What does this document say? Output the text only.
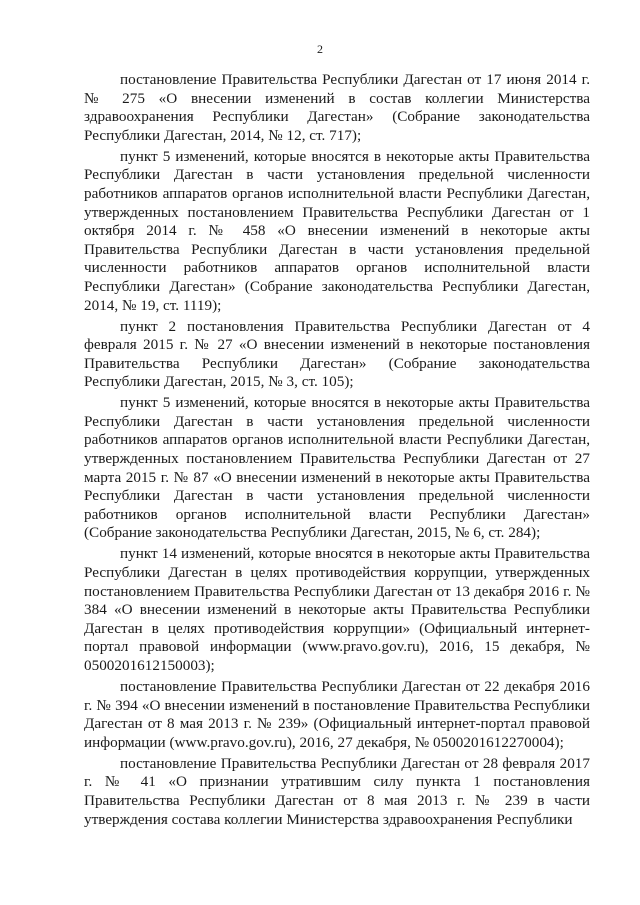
2

постановление Правительства Республики Дагестан от 17 июня 2014 г. № 275 «О внесении изменений в состав коллегии Министерства здравоохранения Республики Дагестан» (Собрание законодательства Республики Дагестан, 2014, № 12, ст. 717);

пункт 5 изменений, которые вносятся в некоторые акты Правительства Республики Дагестан в части установления предельной численности работников аппаратов органов исполнительной власти Республики Дагестан, утвержденных постановлением Правительства Республики Дагестан от 1 октября 2014 г. № 458 «О внесении изменений в некоторые акты Правительства Республики Дагестан в части установления предельной численности работников аппаратов органов исполнительной власти Республики Дагестан» (Собрание законодательства Республики Дагестан, 2014, № 19, ст. 1119);

пункт 2 постановления Правительства Республики Дагестан от 4 февраля 2015 г. № 27 «О внесении изменений в некоторые постановления Правительства Республики Дагестан» (Собрание законодательства Республики Дагестан, 2015, № 3, ст. 105);

пункт 5 изменений, которые вносятся в некоторые акты Правительства Республики Дагестан в части установления предельной численности работников аппаратов органов исполнительной власти Республики Дагестан, утвержденных постановлением Правительства Республики Дагестан от 27 марта 2015 г. № 87 «О внесении изменений в некоторые акты Правительства Республики Дагестан в части установления предельной численности работников органов исполнительной власти Республики Дагестан» (Собрание законодательства Республики Дагестан, 2015, № 6, ст. 284);

пункт 14 изменений, которые вносятся в некоторые акты Правительства Республики Дагестан в целях противодействия коррупции, утвержденных постановлением Правительства Республики Дагестан от 13 декабря 2016 г. № 384 «О внесении изменений в некоторые акты Правительства Республики Дагестан в целях противодействия коррупции» (Официальный интернет-портал правовой информации (www.pravo.gov.ru), 2016, 15 декабря, № 0500201612150003);

постановление Правительства Республики Дагестан от 22 декабря 2016 г. № 394 «О внесении изменений в постановление Правительства Республики Дагестан от 8 мая 2013 г. № 239» (Официальный интернет-портал правовой информации (www.pravo.gov.ru), 2016, 27 декабря, № 0500201612270004);

постановление Правительства Республики Дагестан от 28 февраля 2017 г. № 41 «О признании утратившим силу пункта 1 постановления Правительства Республики Дагестан от 8 мая 2013 г. № 239 в части утверждения состава коллегии Министерства здравоохранения Республики
